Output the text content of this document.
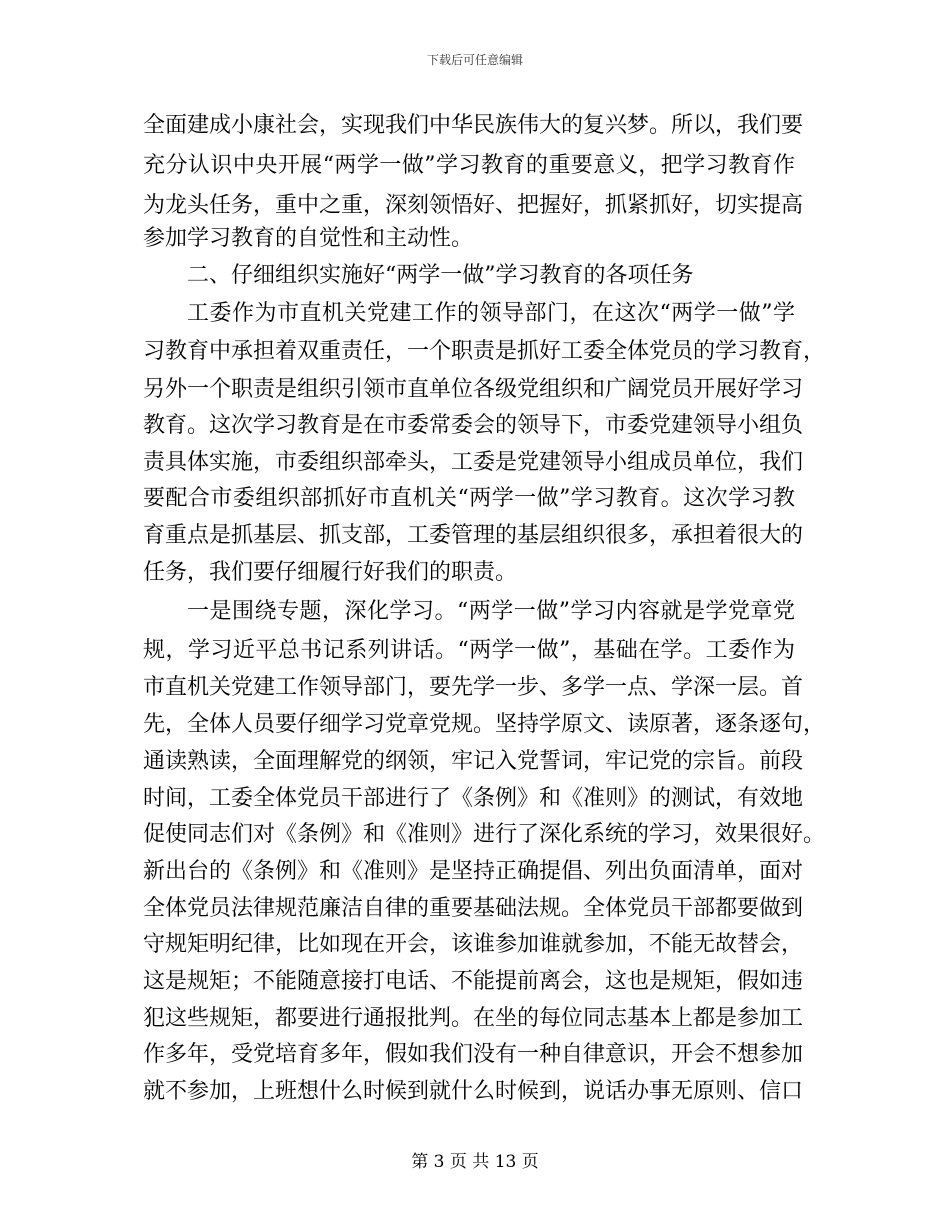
下载后可任意编辑
全面建成小康社会，实现我们中华民族伟大的复兴梦。所以，我们要
充分认识中央开展“两学一做”学习教育的重要意义，把学习教育作
为龙头任务，重中之重，深刻领悟好、把握好，抓紧抓好，切实提高
参加学习教育的自觉性和主动性。
二、仔细组织实施好“两学一做”学习教育的各项任务
工委作为市直机关党建工作的领导部门，在这次“两学一做”学
习教育中承担着双重责任，一个职责是抓好工委全体党员的学习教育，
另外一个职责是组织引领市直单位各级党组织和广阔党员开展好学习
教育。这次学习教育是在市委常委会的领导下，市委党建领导小组负
责具体实施，市委组织部牵头，工委是党建领导小组成员单位，我们
要配合市委组织部抓好市直机关“两学一做”学习教育。这次学习教
育重点是抓基层、抓支部，工委管理的基层组织很多，承担着很大的
任务，我们要仔细履行好我们的职责。
一是围绕专题，深化学习。“两学一做”学习内容就是学党章党
规，学习近平总书记系列讲话。“两学一做”，基础在学。工委作为
市直机关党建工作领导部门，要先学一步、多学一点、学深一层。首
先，全体人员要仔细学习党章党规。坚持学原文、读原著，逐条逐句，
通读熟读，全面理解党的纲领，牢记入党誓词，牢记党的宗旨。前段
时间，工委全体党员干部进行了《条例》和《准则》的测试，有效地
促使同志们对《条例》和《准则》进行了深化系统的学习，效果很好。
新出台的《条例》和《准则》是坚持正确提倡、列出负面清单，面对
全体党员法律规范廉洁自律的重要基础法规。全体党员干部都要做到
守规矩明纪律，比如现在开会，该谁参加谁就参加，不能无故替会，
这是规矩；不能随意接打电话、不能提前离会，这也是规矩，假如违
犯这些规矩，都要进行通报批判。在坐的每位同志基本上都是参加工
作多年，受党培育多年，假如我们没有一种自律意识，开会不想参加
就不参加，上班想什么时候到就什么时候到，说话办事无原则、信口
第 3 页 共 13 页
